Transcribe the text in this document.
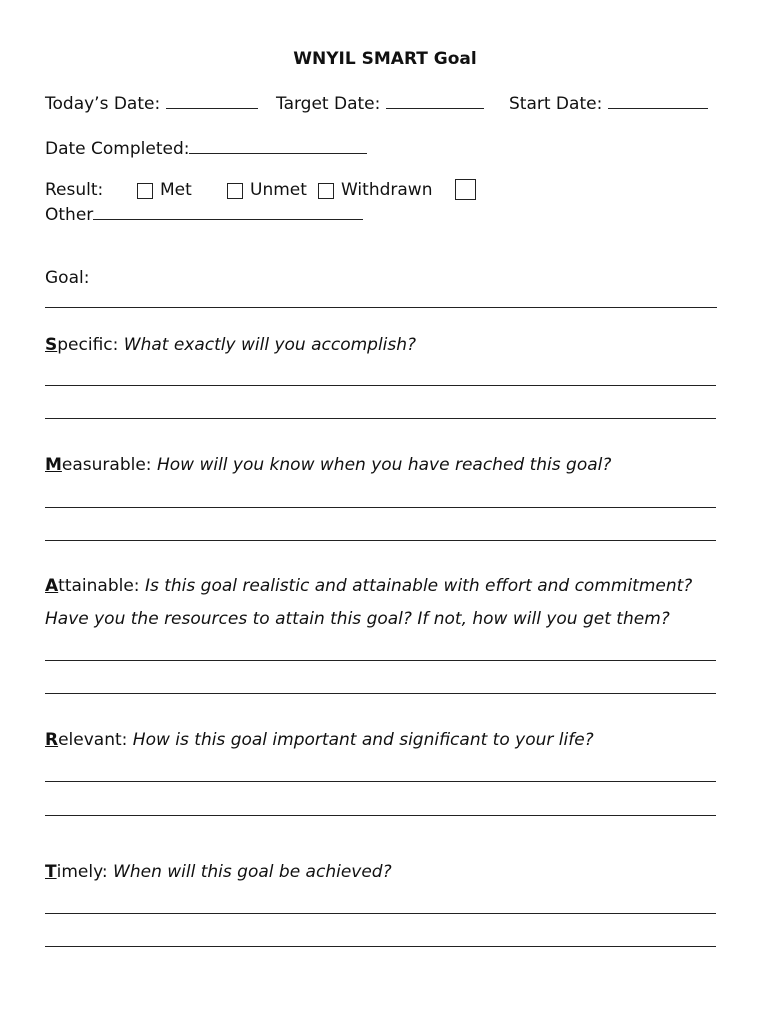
WNYIL SMART Goal
Today’s Date:	Target Date:	Start Date:
Date Completed:
Result:	Met	Unmet Withdrawn
Other
Goal:
Specific: What exactly will you accomplish?
Measurable: How will you know when you have reached this goal?
Attainable: Is this goal realistic and attainable with effort and commitment?
Have you the resources to attain this goal? If not, how will you get them?
Relevant: How is this goal important and significant to your life?
Timely: When will this goal be achieved?
